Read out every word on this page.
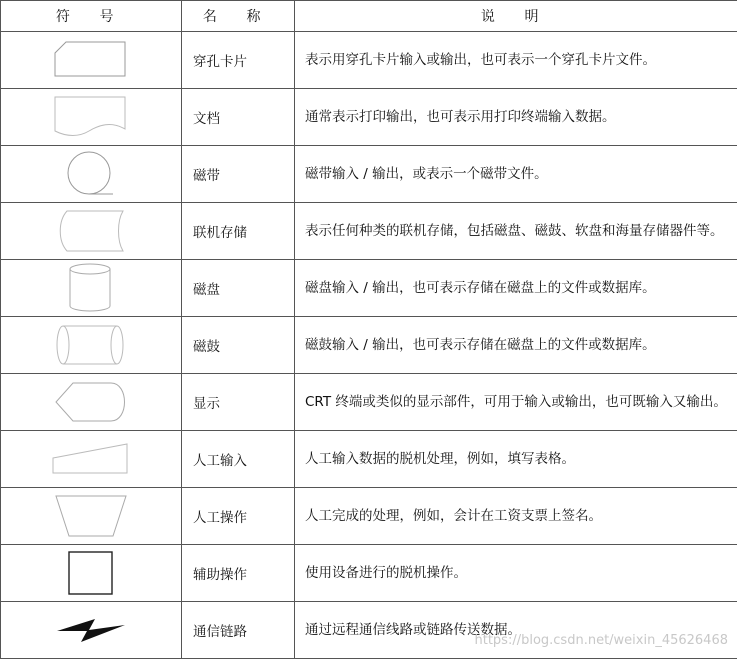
符 号	名 称	说 明

	穿孔卡片	表示用穿孔卡片输入或输出，也可表示一个穿孔卡片文件。

	文档	通常表示打印输出，也可表示用打印终端输入数据。

	磁带	磁带输入 / 输出，或表示一个磁带文件。

	联机存储	表示任何种类的联机存储，包括磁盘、磁鼓、软盘和海量存储器件等。

	磁盘	磁盘输入 / 输出，也可表示存储在磁盘上的文件或数据库。

	磁鼓	磁鼓输入 / 输出，也可表示存储在磁盘上的文件或数据库。

	显示	CRT 终端或类似的显示部件，可用于输入或输出，也可既输入又输出。

	人工输入	人工输入数据的脱机处理，例如，填写表格。

	人工操作	人工完成的处理，例如，会计在工资支票上签名。

	辅助操作	使用设备进行的脱机操作。

	通信链路	通过远程通信线路或链路传送数据。
https://blog.csdn.net/weixin_45626468
